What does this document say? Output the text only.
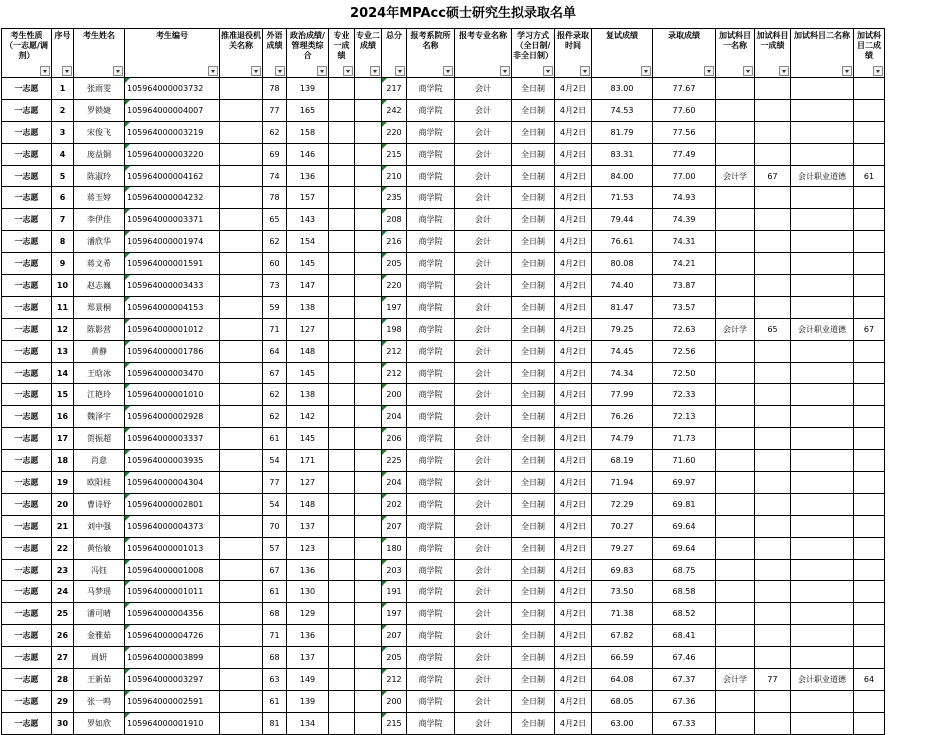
2024年MPAcc硕士研究生拟录取名单
考生性质（一志愿/调剂）	序号	考生姓名	考生编号	推准退役机关名称	外语成绩	政治成绩/管理类综合	专业一成绩	专业二成绩	总分	报考系院所名称	报考专业名称	学习方式（全日制/非全日制）	报件录取时间	复试成绩	录取成绩	加试科目一名称	加试科目一成绩	加试科目二名称	加试科目二成绩

一志愿	1	张雨雯	105964000003732		78	139			217	商学院	会计	全日制	4月2日	83.00	77.67				
一志愿	2	罗锁婕	105964000004007		77	165			242	商学院	会计	全日制	4月2日	74.53	77.60				
一志愿	3	宋俊飞	105964000003219		62	158			220	商学院	会计	全日制	4月2日	81.79	77.56				
一志愿	4	庞益铜	105964000003220		69	146			215	商学院	会计	全日制	4月2日	83.31	77.49				
一志愿	5	陈淑玲	105964000004162		74	136			210	商学院	会计	全日制	4月2日	84.00	77.00	会计学	67	会计职业道德	61
一志愿	6	蒋玉婷	105964000004232		78	157			235	商学院	会计	全日制	4月2日	71.53	74.93				
一志愿	7	李伊佳	105964000003371		65	143			208	商学院	会计	全日制	4月2日	79.44	74.39				
一志愿	8	潘欣华	105964000001974		62	154			216	商学院	会计	全日制	4月2日	76.61	74.31				
一志愿	9	蒋文希	105964000001591		60	145			205	商学院	会计	全日制	4月2日	80.08	74.21				
一志愿	10	赵志巍	105964000003433		73	147			220	商学院	会计	全日制	4月2日	74.40	73.87				
一志愿	11	郑景桐	105964000004153		59	138			197	商学院	会计	全日制	4月2日	81.47	73.57				
一志愿	12	陈影营	105964000001012		71	127			198	商学院	会计	全日制	4月2日	79.25	72.63	会计学	65	会计职业道德	67
一志愿	13	黄静	105964000001786		64	148			212	商学院	会计	全日制	4月2日	74.45	72.56				
一志愿	14	王晗冰	105964000003470		67	145			212	商学院	会计	全日制	4月2日	74.34	72.50				
一志愿	15	江艳玲	105964000001010		62	138			200	商学院	会计	全日制	4月2日	77.99	72.33				
一志愿	16	魏泽宇	105964000002928		62	142			204	商学院	会计	全日制	4月2日	76.26	72.13				
一志愿	17	贺振超	105964000003337		61	145			206	商学院	会计	全日制	4月2日	74.79	71.73				
一志愿	18	肖意	105964000003935		54	171			225	商学院	会计	全日制	4月2日	68.19	71.60				
一志愿	19	欧阳桂	105964000004304		77	127			204	商学院	会计	全日制	4月2日	71.94	69.97				
一志愿	20	曹诗妤	105964000002801		54	148			202	商学院	会计	全日制	4月2日	72.29	69.81				
一志愿	21	刘中强	105964000004373		70	137			207	商学院	会计	全日制	4月2日	70.27	69.64				
一志愿	22	黄怡敏	105964000001013		57	123			180	商学院	会计	全日制	4月2日	79.27	69.64				
一志愿	23	冯钰	105964000001008		67	136			203	商学院	会计	全日制	4月2日	69.83	68.75				
一志愿	24	马梦瑶	105964000001011		61	130			191	商学院	会计	全日制	4月2日	73.50	68.58				
一志愿	25	潘可晴	105964000004356		68	129			197	商学院	会计	全日制	4月2日	71.38	68.52				
一志愿	26	金雅茹	105964000004726		71	136			207	商学院	会计	全日制	4月2日	67.82	68.41				
一志愿	27	周妍	105964000003899		68	137			205	商学院	会计	全日制	4月2日	66.59	67.46				
一志愿	28	王新茹	105964000003297		63	149			212	商学院	会计	全日制	4月2日	64.08	67.37	会计学	77	会计职业道德	64
一志愿	29	张一鸣	105964000002591		61	139			200	商学院	会计	全日制	4月2日	68.05	67.36				
一志愿	30	罗如欣	105964000001910		81	134			215	商学院	会计	全日制	4月2日	63.00	67.33				
